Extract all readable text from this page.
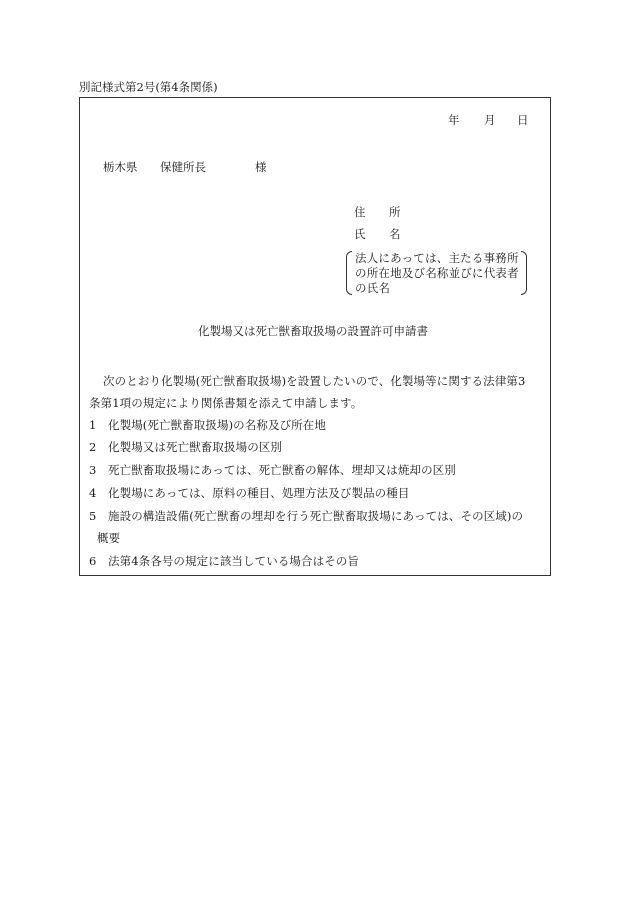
別記様式第2号(第4条関係)
年 月 日
栃木県 保健所長	様
住　所
氏　名
法人にあっては、主たる事務所
の所在地及び名称並びに代表者
の氏名
化製場又は死亡獣畜取扱場の設置許可申請書
次のとおり化製場(死亡獣畜取扱場)を設置したいので、化製場等に関する法律第3
条第1項の規定により関係書類を添えて申請します。
1 化製場(死亡獣畜取扱場)の名称及び所在地
2 化製場又は死亡獣畜取扱場の区別
3 死亡獣畜取扱場にあっては、死亡獣畜の解体、埋却又は焼却の区別
4 化製場にあっては、原料の種目、処理方法及び製品の種目
5 施設の構造設備(死亡獣畜の埋却を行う死亡獣畜取扱場にあっては、その区域)の
概要
6 法第4条各号の規定に該当している場合はその旨
